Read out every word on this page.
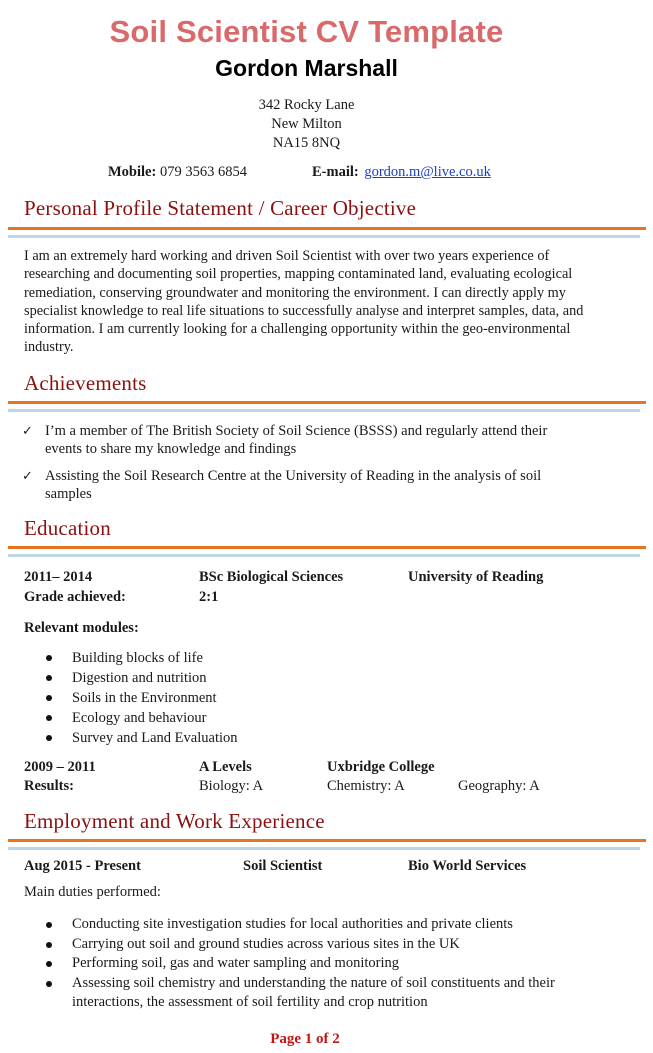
Soil Scientist CV Template
Gordon Marshall
342 Rocky Lane
New Milton
NA15 8NQ
Mobile: 079 3563 6854	E-mail: gordon.m@live.co.uk
Personal Profile Statement / Career Objective
I am an extremely hard working and driven Soil Scientist with over two years experience of researching and documenting soil properties, mapping contaminated land, evaluating ecological remediation, conserving groundwater and monitoring the environment. I can directly apply my specialist knowledge to real life situations to successfully analyse and interpret samples, data, and information. I am currently looking for a challenging opportunity within the geo-environmental industry.
Achievements
✓ I’m a member of The British Society of Soil Science (BSSS) and regularly attend their events to share my knowledge and findings
✓ Assisting the Soil Research Centre at the University of Reading in the analysis of soil samples
Education
2011– 2014	BSc Biological Sciences	University of Reading
Grade achieved:	2:1
Relevant modules:
Building blocks of life
Digestion and nutrition
Soils in the Environment
Ecology and behaviour
Survey and Land Evaluation
2009 – 2011	A Levels	Uxbridge College
Results:	Biology: A	Chemistry: A	Geography: A
Employment and Work Experience
Aug 2015 - Present	Soil Scientist	Bio World Services
Main duties performed:
Conducting site investigation studies for local authorities and private clients
Carrying out soil and ground studies across various sites in the UK
Performing soil, gas and water sampling and monitoring
Assessing soil chemistry and understanding the nature of soil constituents and their interactions, the assessment of soil fertility and crop nutrition
Page 1 of 2
